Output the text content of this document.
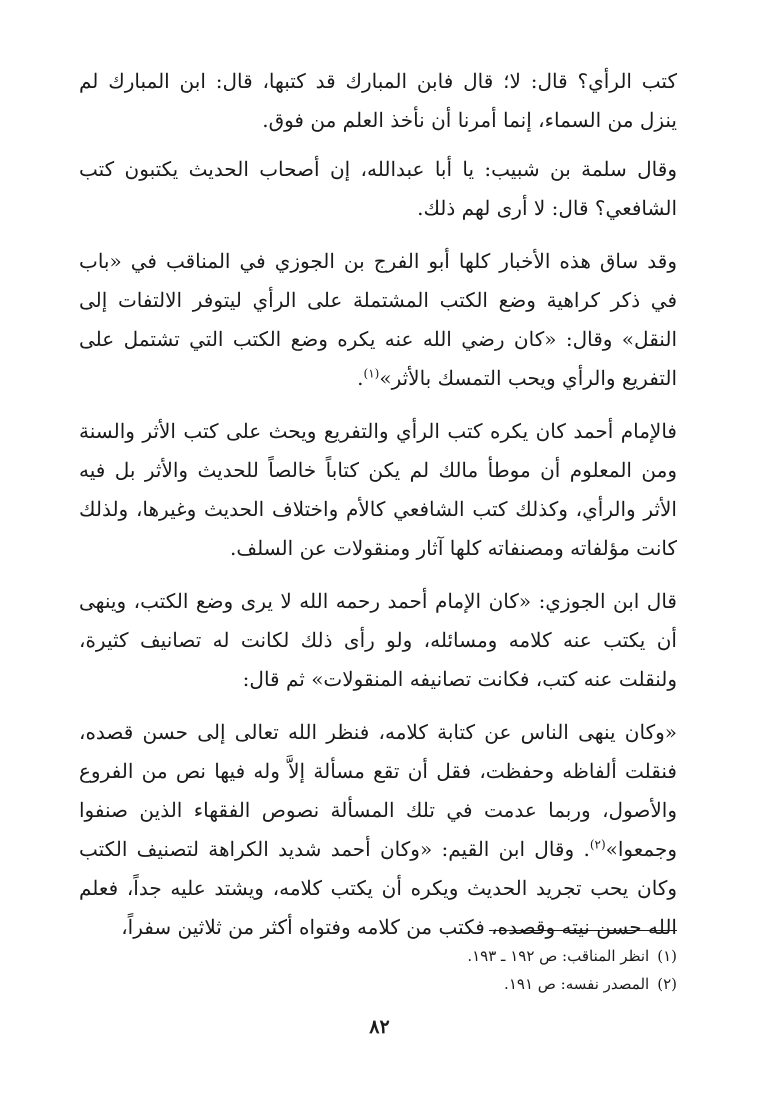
كتب الرأي؟ قال: لا؛ قال فابن المبارك قد كتبها، قال: ابن المبارك لم ينزل من السماء، إنما أمرنا أن نأخذ العلم من فوق.

وقال سلمة بن شبيب: يا أبا عبدالله، إن أصحاب الحديث يكتبون كتب الشافعي؟ قال: لا أرى لهم ذلك.

وقد ساق هذه الأخبار كلها أبو الفرج بن الجوزي في المناقب في «باب في ذكر كراهية وضع الكتب المشتملة على الرأي ليتوفر الالتفات إلى النقل» وقال: «كان رضي الله عنه يكره وضع الكتب التي تشتمل على التفريع والرأي ويحب التمسك بالأثر»$^{(١)}$.

فالإمام أحمد كان يكره كتب الرأي والتفريع ويحث على كتب الأثر والسنة ومن المعلوم أن موطأ مالك لم يكن كتاباً خالصاً للحديث والأثر بل فيه الأثر والرأي، وكذلك كتب الشافعي كالأم واختلاف الحديث وغيرها، ولذلك كانت مؤلفاته ومصنفاته كلها آثار ومنقولات عن السلف.

قال ابن الجوزي: «كان الإمام أحمد رحمه الله لا يرى وضع الكتب، وينهى أن يكتب عنه كلامه ومسائله، ولو رأى ذلك لكانت له تصانيف كثيرة، ولنقلت عنه كتب، فكانت تصانيفه المنقولات» ثم قال:

«وكان ينهى الناس عن كتابة كلامه، فنظر الله تعالى إلى حسن قصده، فنقلت ألفاظه وحفظت، فقل أن تقع مسألة إلاَّ وله فيها نص من الفروع والأصول، وربما عدمت في تلك المسألة نصوص الفقهاء الذين صنفوا وجمعوا»$^{(٢)}$. وقال ابن القيم: «وكان أحمد شديد الكراهة لتصنيف الكتب وكان يحب تجريد الحديث ويكره أن يكتب كلامه، ويشتد عليه جداً، فعلم الله حسن نيته وقصده، فكتب من كلامه وفتواه أكثر من ثلاثين سفراً،

(١)انظر المناقب: ص ١٩٢ ـ ١٩٣.

(٢)المصدر نفسه: ص ١٩١.

٨٢
